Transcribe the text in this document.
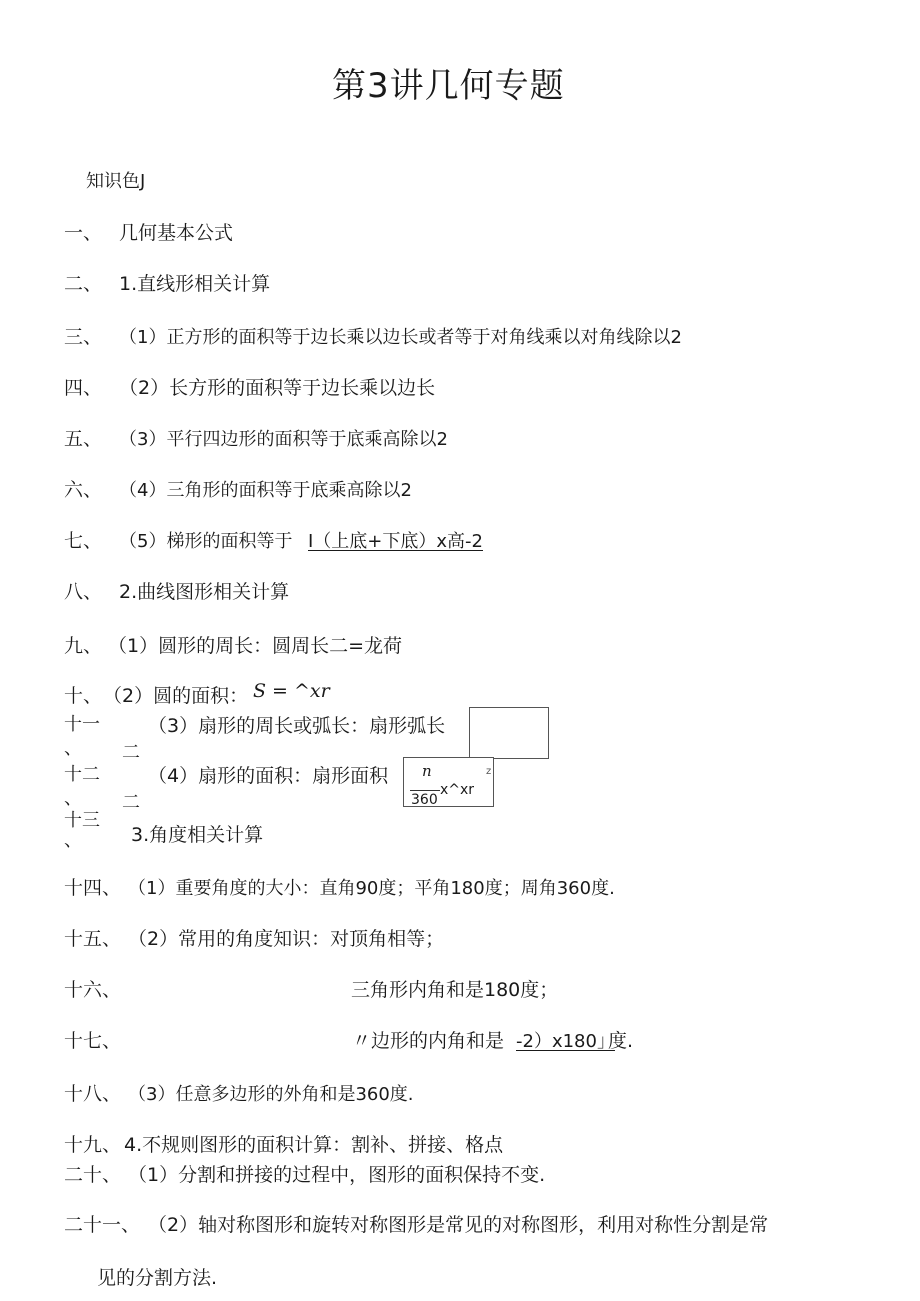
第3讲几何专题
知识色J
一、 几何基本公式
二、 1.直线形相关计算
三、 （1）正方形的面积等于边长乘以边长或者等于对角线乘以对角线除以2
四、 （2）长方形的面积等于边长乘以边长
五、 （3）平行四边形的面积等于底乘高除以2
六、 （4）三角形的面积等于底乘高除以2
七、 （5）梯形的面积等于 I（上底+下底）x高-2
八、 2.曲线图形相关计算
九、 （1）圆形的周长：圆周长二=龙荷
十、 （2）圆的面积： S = ^xr
十一
、 二
（3）扇形的周长或弧长：扇形弧长
十二
、 二
（4）扇形的面积：扇形面积 n	z
x^xr
360
十三
、	3.角度相关计算
十四、 （1）重要角度的大小：直角90度；平角180度；周角360度.
十五、 （2）常用的角度知识：对顶角相等；
十六、	三角形内角和是180度；
十七、	〃边形的内角和是 -2）x180」
度.
十八、 （3）任意多边形的外角和是360度.
十九、 4.不规则图形的面积计算：割补、拼接、格点
二十、 （1）分割和拼接的过程中，图形的面积保持不变.
二十一、 （2）轴对称图形和旋转对称图形是常见的对称图形，利用对称性分割是常
见的分割方法.
